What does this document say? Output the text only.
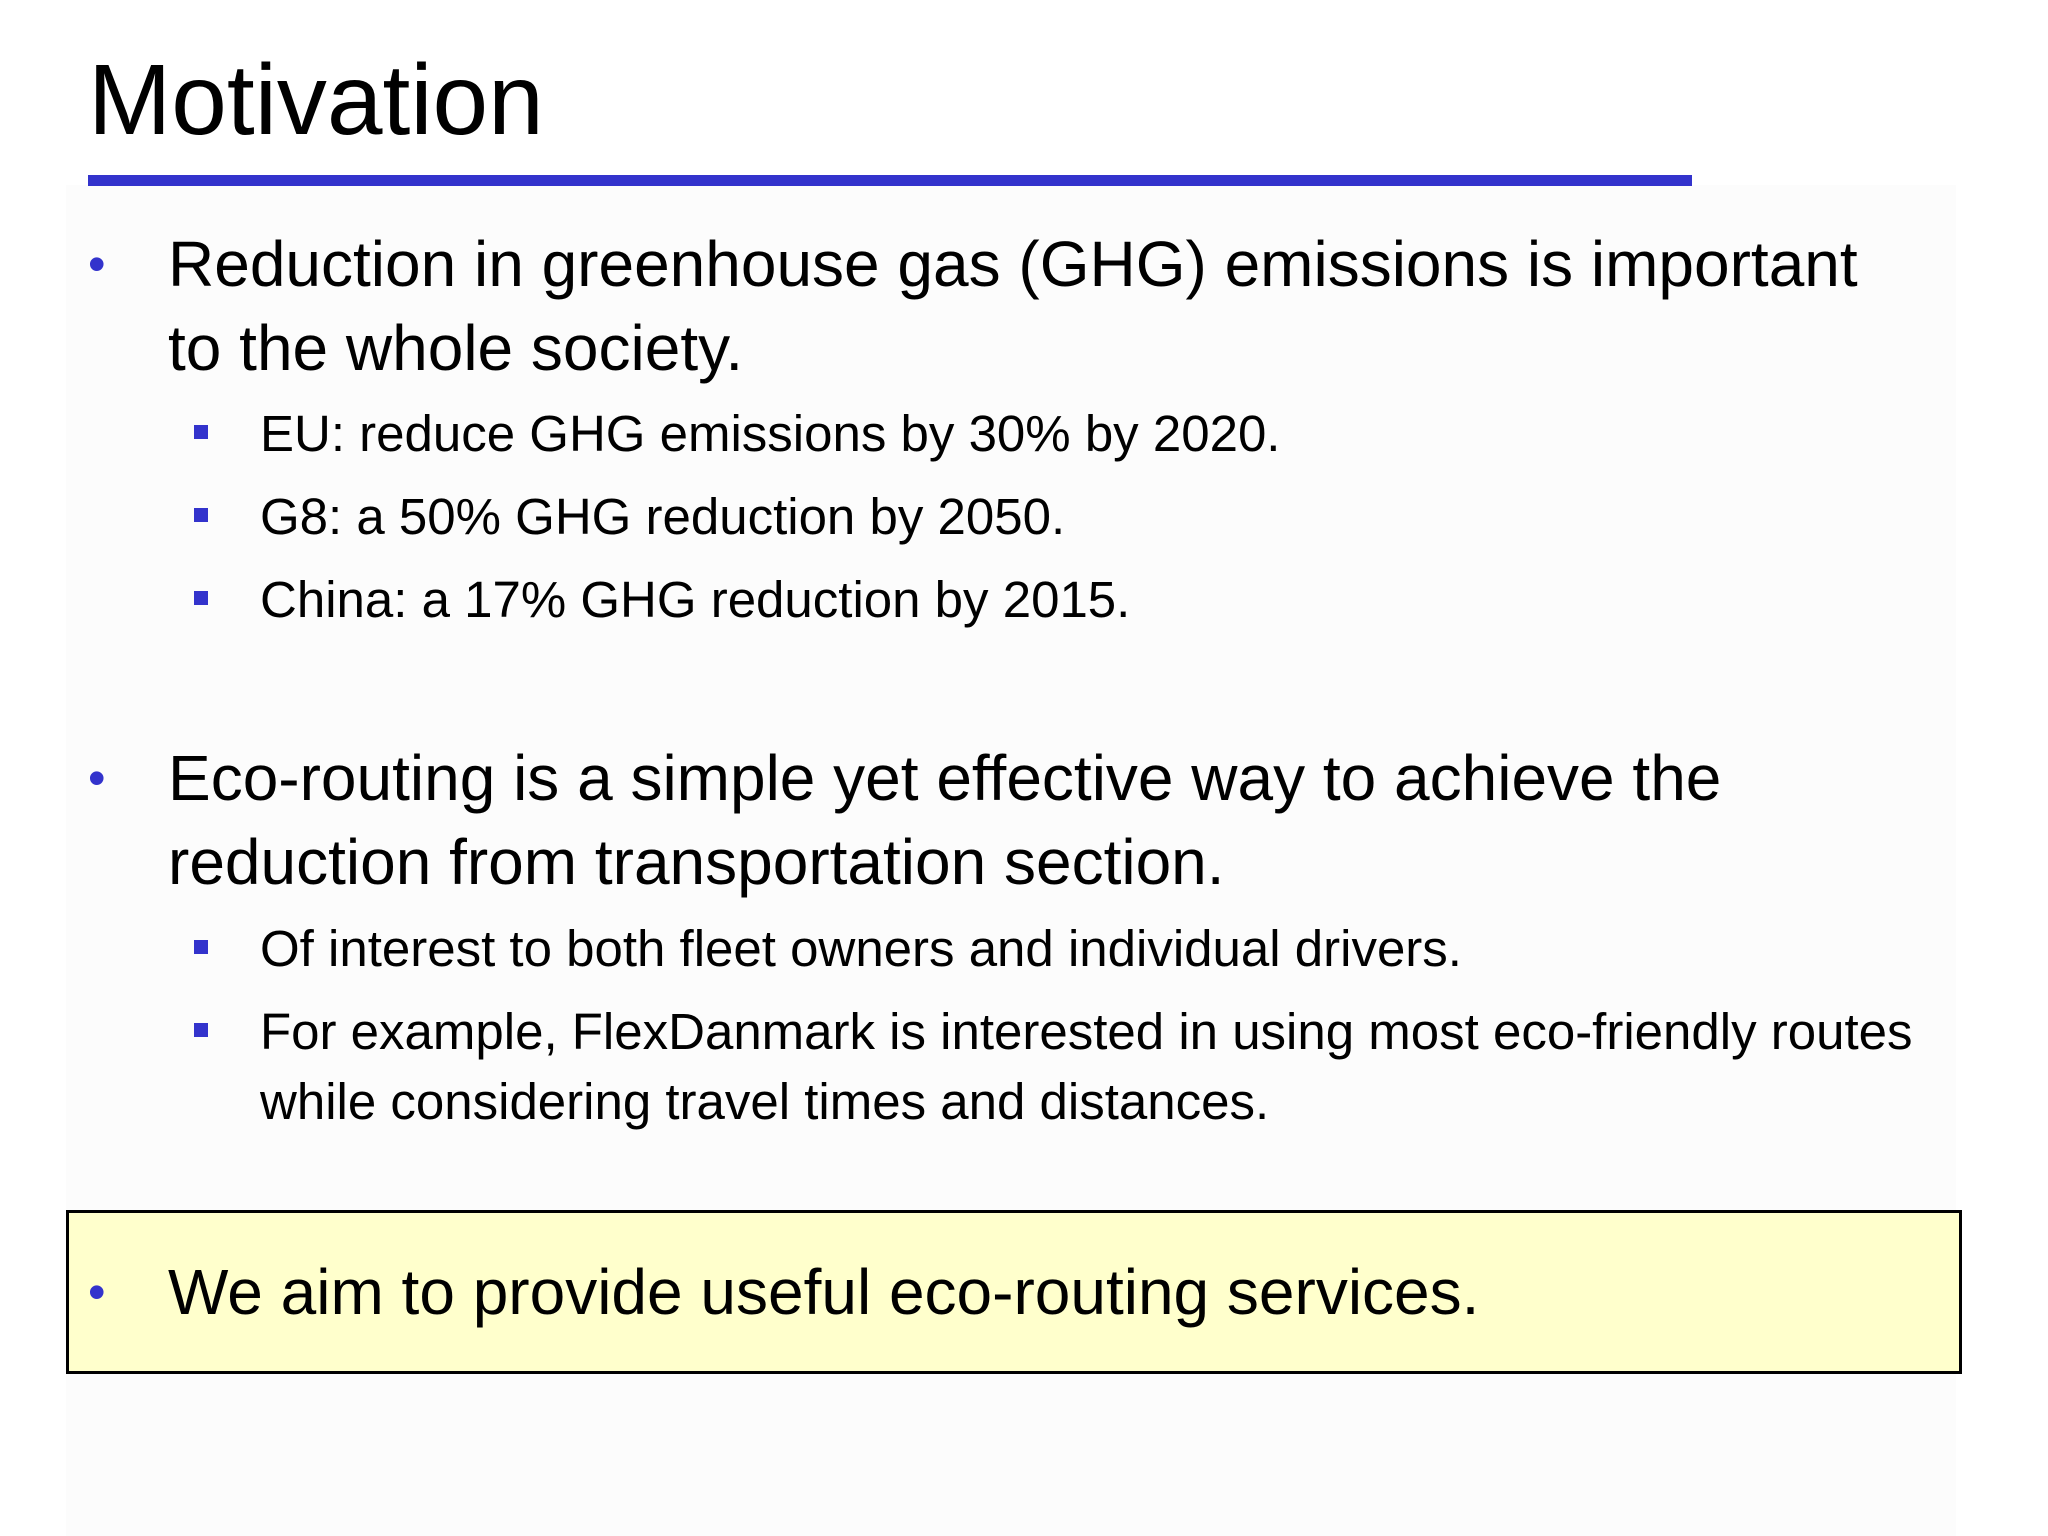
Motivation
• Reduction in greenhouse gas (GHG) emissions is important to the whole society.
EU: reduce GHG emissions by 30% by 2020.
G8: a 50% GHG reduction by 2050.
China: a 17% GHG reduction by 2015.
• Eco-routing is a simple yet effective way to achieve the reduction from transportation section.
Of interest to both fleet owners and individual drivers.
For example, FlexDanmark is interested in using most eco-friendly routes while considering travel times and distances.
• We aim to provide useful eco-routing services.
